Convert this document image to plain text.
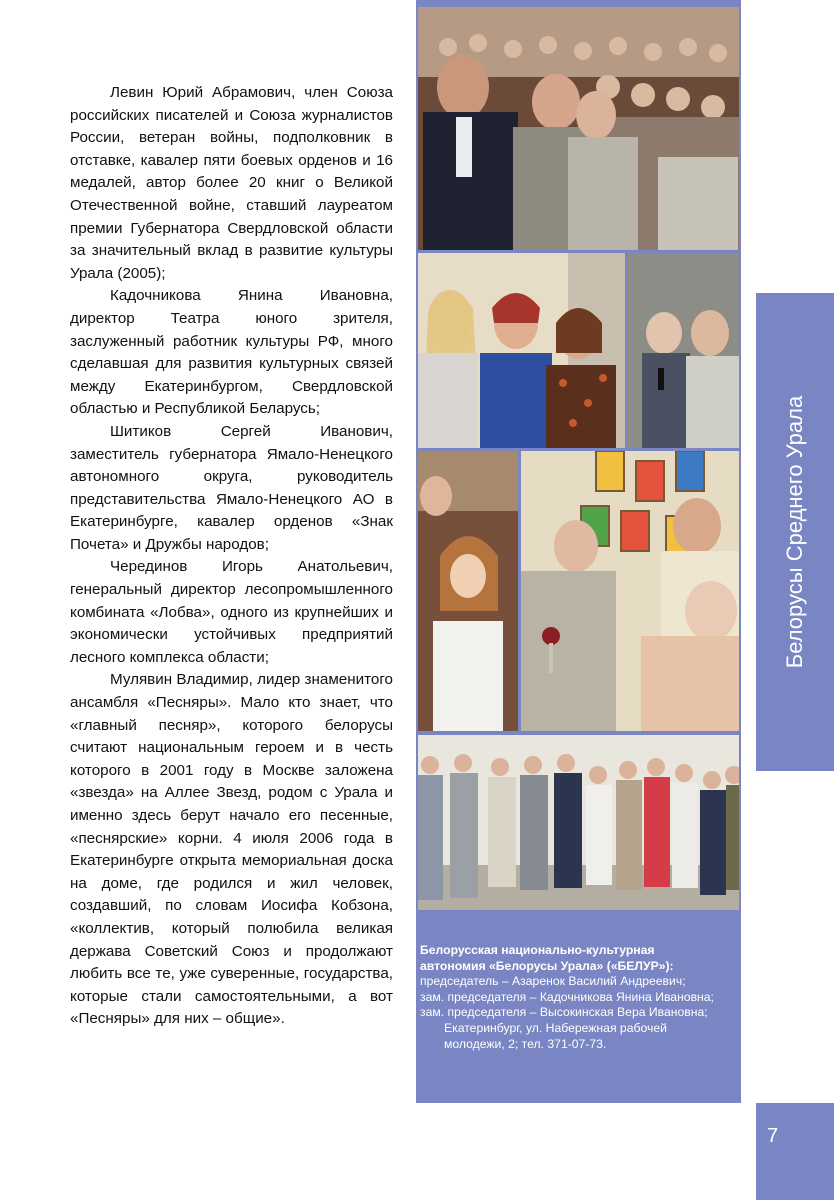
Левин Юрий Абрамович, член Союза российских писателей и Союза журналистов России, ветеран войны, подполковник в отставке, кавалер пяти боевых орденов и 16 медалей, автор более 20 книг о Великой Отечественной войне, ставший лауреатом премии Губернатора Свердловской области за значительный вклад в развитие культуры Урала (2005);

Кадочникова Янина Ивановна, директор Театра юного зрителя, заслуженный работник культуры РФ, много сделавшая для развития культурных связей между Екатеринбургом, Свердловской областью и Республикой Беларусь;

Шитиков Сергей Иванович, заместитель губернатора Ямало-Ненецкого автономного округа, руководитель представительства Ямало-Ненецкого АО в Екатеринбурге, кавалер орденов «Знак Почета» и Дружбы народов;

Черединов Игорь Анатольевич, генеральный директор лесопромышленного комбината «Лобва», одного из крупнейших и экономически устойчивых предприятий лесного комплекса области;

Мулявин Владимир, лидер знаменитого ансамбля «Песняры». Мало кто знает, что «главный песняр», которого белорусы считают национальным героем и в честь которого в 2001 году в Москве заложена «звезда» на Аллее Звезд, родом с Урала и именно здесь берут начало его песенные, «песнярские» корни. 4 июля 2006 года в Екатеринбурге открыта мемориальная доска на доме, где родился и жил человек, создавший, по словам Иосифа Кобзона, «коллектив, который полюбила великая держава Советский Союз и продолжают любить все те, уже суверенные, государства, которые стали самостоятельными, а вот «Песняры» для них – общие».

Белорусская национально-культурная
автономия «Белорусы Урала» («БЕЛУР»):
председатель – Азаренок Василий Андреевич;
зам. председателя – Кадочникова Янина Ивановна;
зам. председателя – Высокинская Вера Ивановна;
Екатеринбург, ул. Набережная рабочей
молодежи, 2; тел. 371-07-73.
Белорусы Среднего Урала
7
